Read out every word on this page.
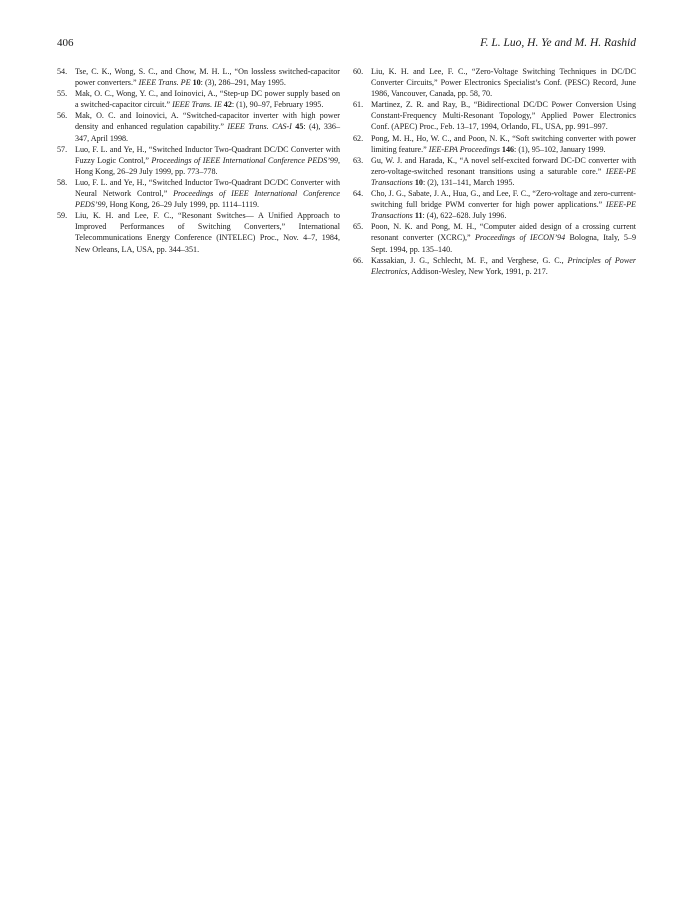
406	F. L. Luo, H. Ye and M. H. Rashid
54. Tse, C. K., Wong, S. C., and Chow, M. H. L., “On lossless switched-capacitor power converters.” IEEE Trans. PE 10: (3), 286–291, May 1995.
55. Mak, O. C., Wong, Y. C., and Ioinovici, A., “Step-up DC power supply based on a switched-capacitor circuit.” IEEE Trans. IE 42: (1), 90–97, February 1995.
56. Mak, O. C. and Ioinovici, A. “Switched-capacitor inverter with high power density and enhanced regulation capability.” IEEE Trans. CAS-I 45: (4), 336–347, April 1998.
57. Luo, F. L. and Ye, H., “Switched Inductor Two-Quadrant DC/DC Converter with Fuzzy Logic Control,” Proceedings of IEEE International Conference PEDS’99, Hong Kong, 26–29 July 1999, pp. 773–778.
58. Luo, F. L. and Ye, H., “Switched Inductor Two-Quadrant DC/DC Converter with Neural Network Control,” Proceedings of IEEE International Conference PEDS’99, Hong Kong, 26–29 July 1999, pp. 1114–1119.
59. Liu, K. H. and Lee, F. C., “Resonant Switches— A Unified Approach to Improved Performances of Switching Converters,” International Telecommunications Energy Conference (INTELEC) Proc., Nov. 4–7, 1984, New Orleans, LA, USA, pp. 344–351.
60. Liu, K. H. and Lee, F. C., “Zero-Voltage Switching Techniques in DC/DC Converter Circuits,” Power Electronics Specialist’s Conf. (PESC) Record, June 1986, Vancouver, Canada, pp. 58, 70.
61. Martinez, Z. R. and Ray, B., “Bidirectional DC/DC Power Conversion Using Constant-Frequency Multi-Resonant Topology,” Applied Power Electronics Conf. (APEC) Proc., Feb. 13–17, 1994, Orlando, FL, USA, pp. 991–997.
62. Pong, M. H., Ho, W. C., and Poon, N. K., “Soft switching converter with power limiting feature.” IEE-EPA Proceedings 146: (1), 95–102, January 1999.
63. Gu, W. J. and Harada, K., “A novel self-excited forward DC-DC converter with zero-voltage-switched resonant transitions using a saturable core.” IEEE-PE Transactions 10: (2), 131–141, March 1995.
64. Cho, J. G., Sabate, J. A., Hua, G., and Lee, F. C., “Zero-voltage and zero-current-switching full bridge PWM converter for high power applications.” IEEE-PE Transactions 11: (4), 622–628. July 1996.
65. Poon, N. K. and Pong, M. H., “Computer aided design of a crossing current resonant converter (XCRC),” Proceedings of IECON’94 Bologna, Italy, 5–9 Sept. 1994, pp. 135–140.
66. Kassakian, J. G., Schlecht, M. F., and Verghese, G. C., Principles of Power Electronics, Addison-Wesley, New York, 1991, p. 217.
